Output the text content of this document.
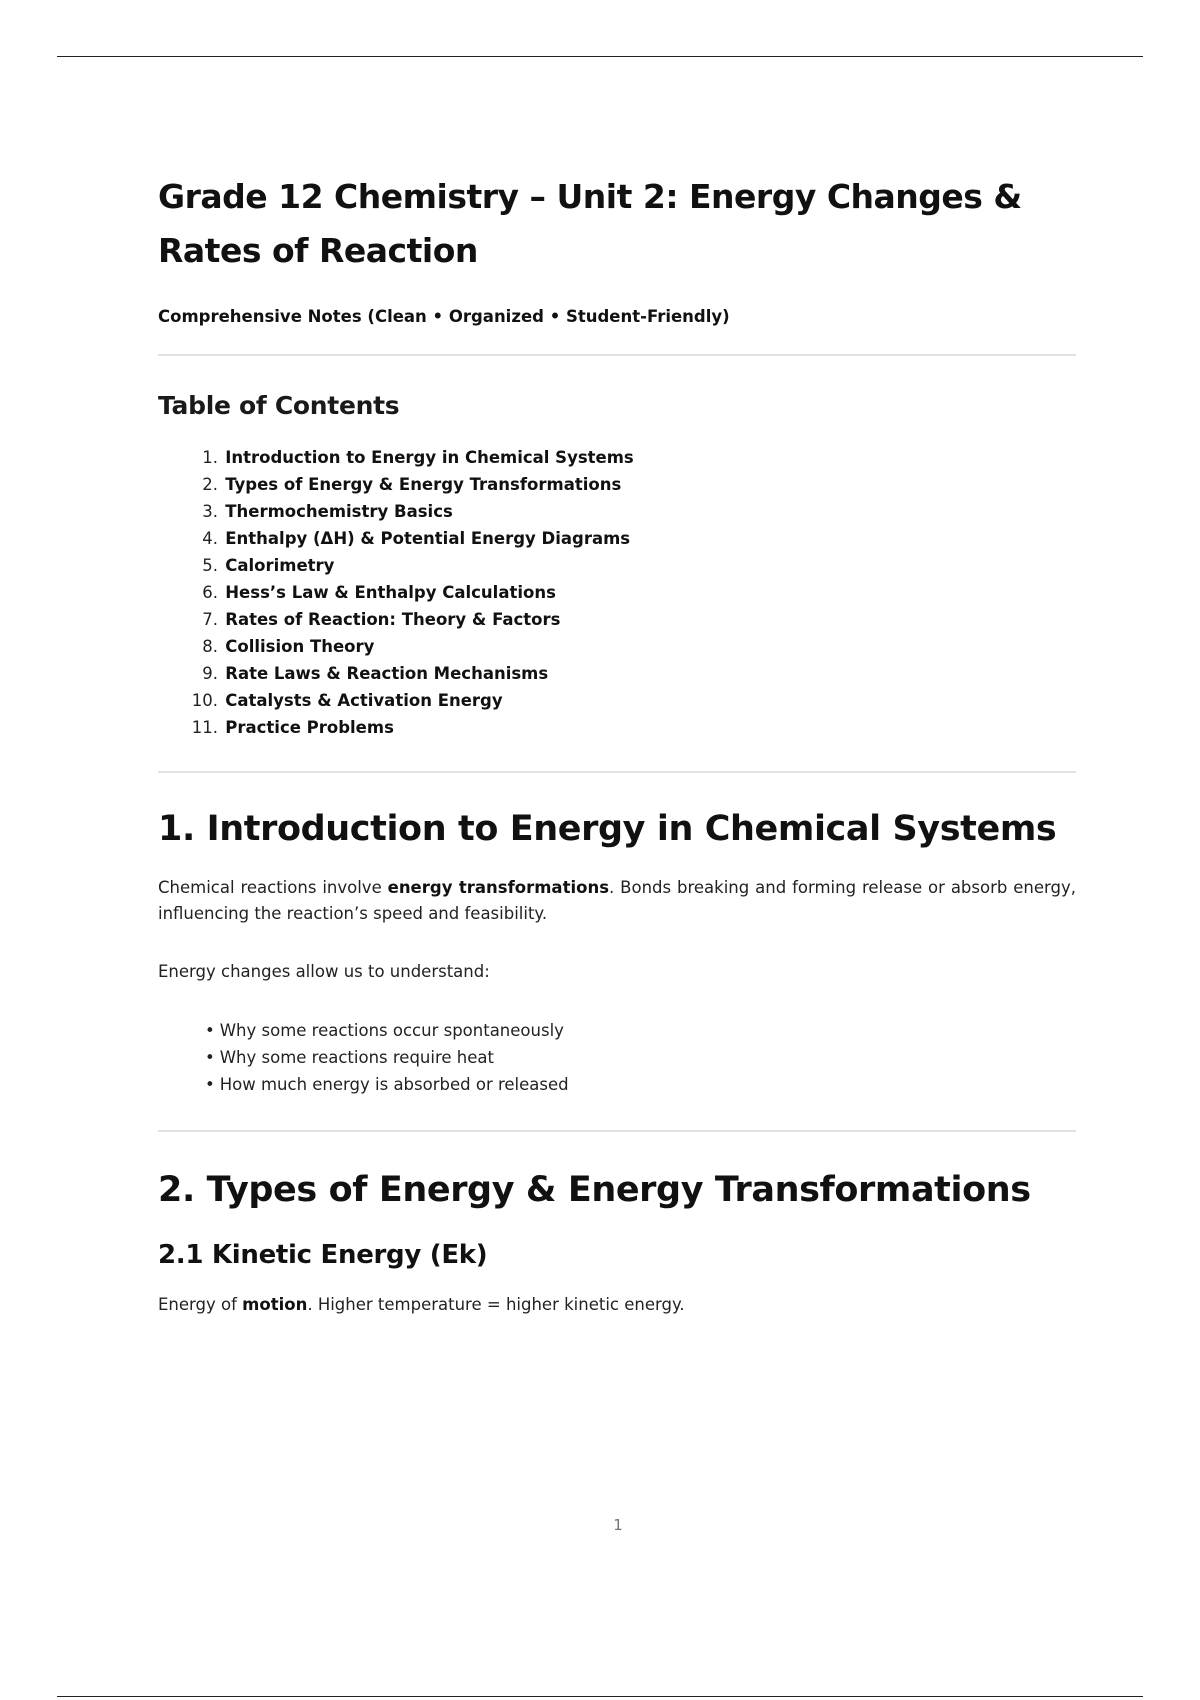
Grade 12 Chemistry – Unit 2: Energy Changes & Rates of Reaction

Comprehensive Notes (Clean • Organized • Student-Friendly)

Table of Contents
1.
Introduction to Energy in Chemical Systems
2.
Types of Energy & Energy Transformations
3.
Thermochemistry Basics
4.
Enthalpy (ΔH) & Potential Energy Diagrams
5.
Calorimetry
6.
Hess’s Law & Enthalpy Calculations
7.
Rates of Reaction: Theory & Factors
8.
Collision Theory
9.
Rate Laws & Reaction Mechanisms
10.
Catalysts & Activation Energy
11.
Practice Problems
1. Introduction to Energy in Chemical Systems

Chemical reactions involve energy transformations. Bonds breaking and forming release or absorb energy, influencing the reaction’s speed and feasibility.

Energy changes allow us to understand:

• Why some reactions occur spontaneously
• Why some reactions require heat
• How much energy is absorbed or released
2. Types of Energy & Energy Transformations
2.1 Kinetic Energy (Ek)

Energy of motion. Higher temperature = higher kinetic energy.

1
